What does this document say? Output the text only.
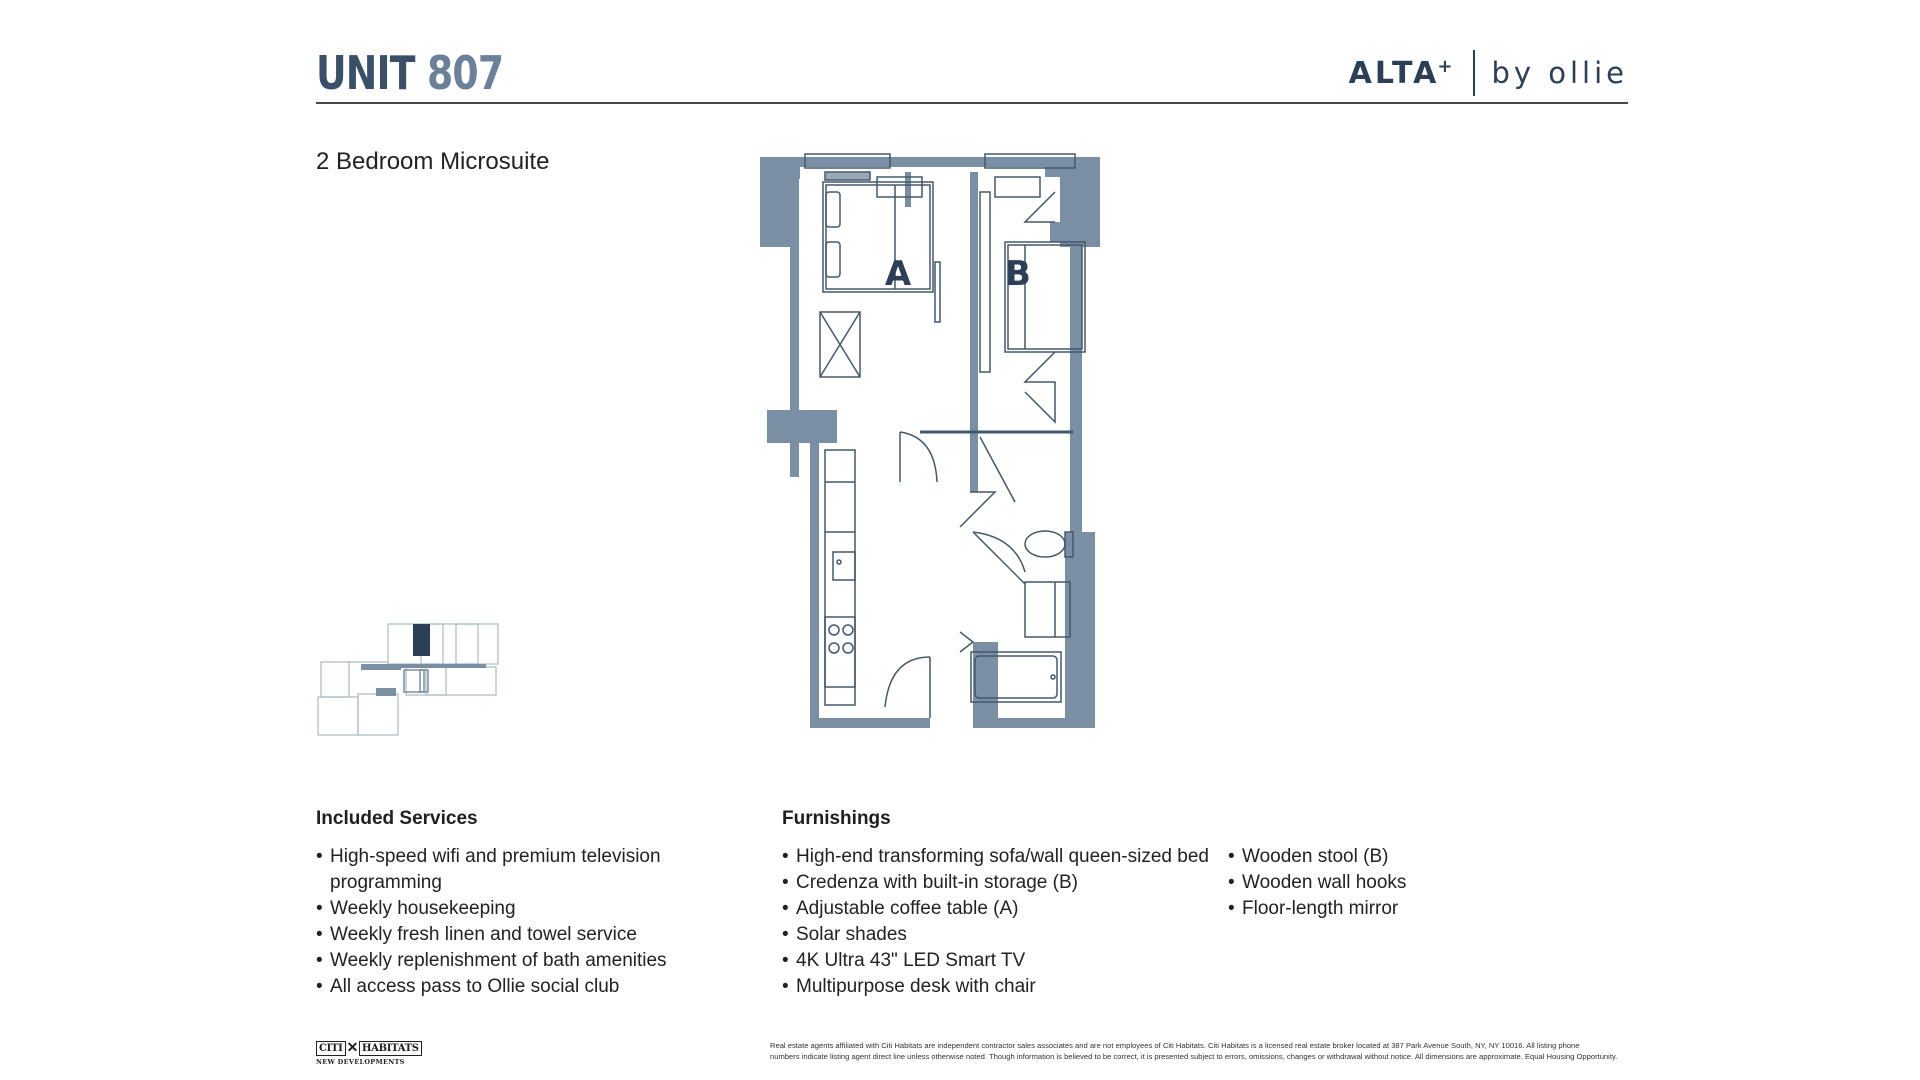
UNIT 807	ALTA+ by ollie
2 Bedroom Microsuite
A	B
Included Services
• High-speed wifi and premium television
programming
• Weekly housekeeping
• Weekly fresh linen and towel service
• Weekly replenishment of bath amenities
• All access pass to Ollie social club
Furnishings
• High-end transforming sofa/wall queen-sized bed
• Credenza with built-in storage (B)
• Adjustable coffee table (A)
• Solar shades
• 4K Ultra 43" LED Smart TV
• Multipurpose desk with chair
• Wooden stool (B)
• Wooden wall hooks
• Floor-length mirror
CITI ✕ HABITATS
NEW DEVELOPMENTS
Real estate agents affiliated with Citi Habitats are independent contractor sales associates and are not employees of Citi Habitats. Citi Habitats is a licensed real estate broker located at 387 Park Avenue South, NY, NY 10016. All listing phone
numbers indicate listing agent direct line unless otherwise noted. Though information is believed to be correct, it is presented subject to errors, omissions, changes or withdrawal without notice. All dimensions are approximate. Equal Housing Opportunity.
